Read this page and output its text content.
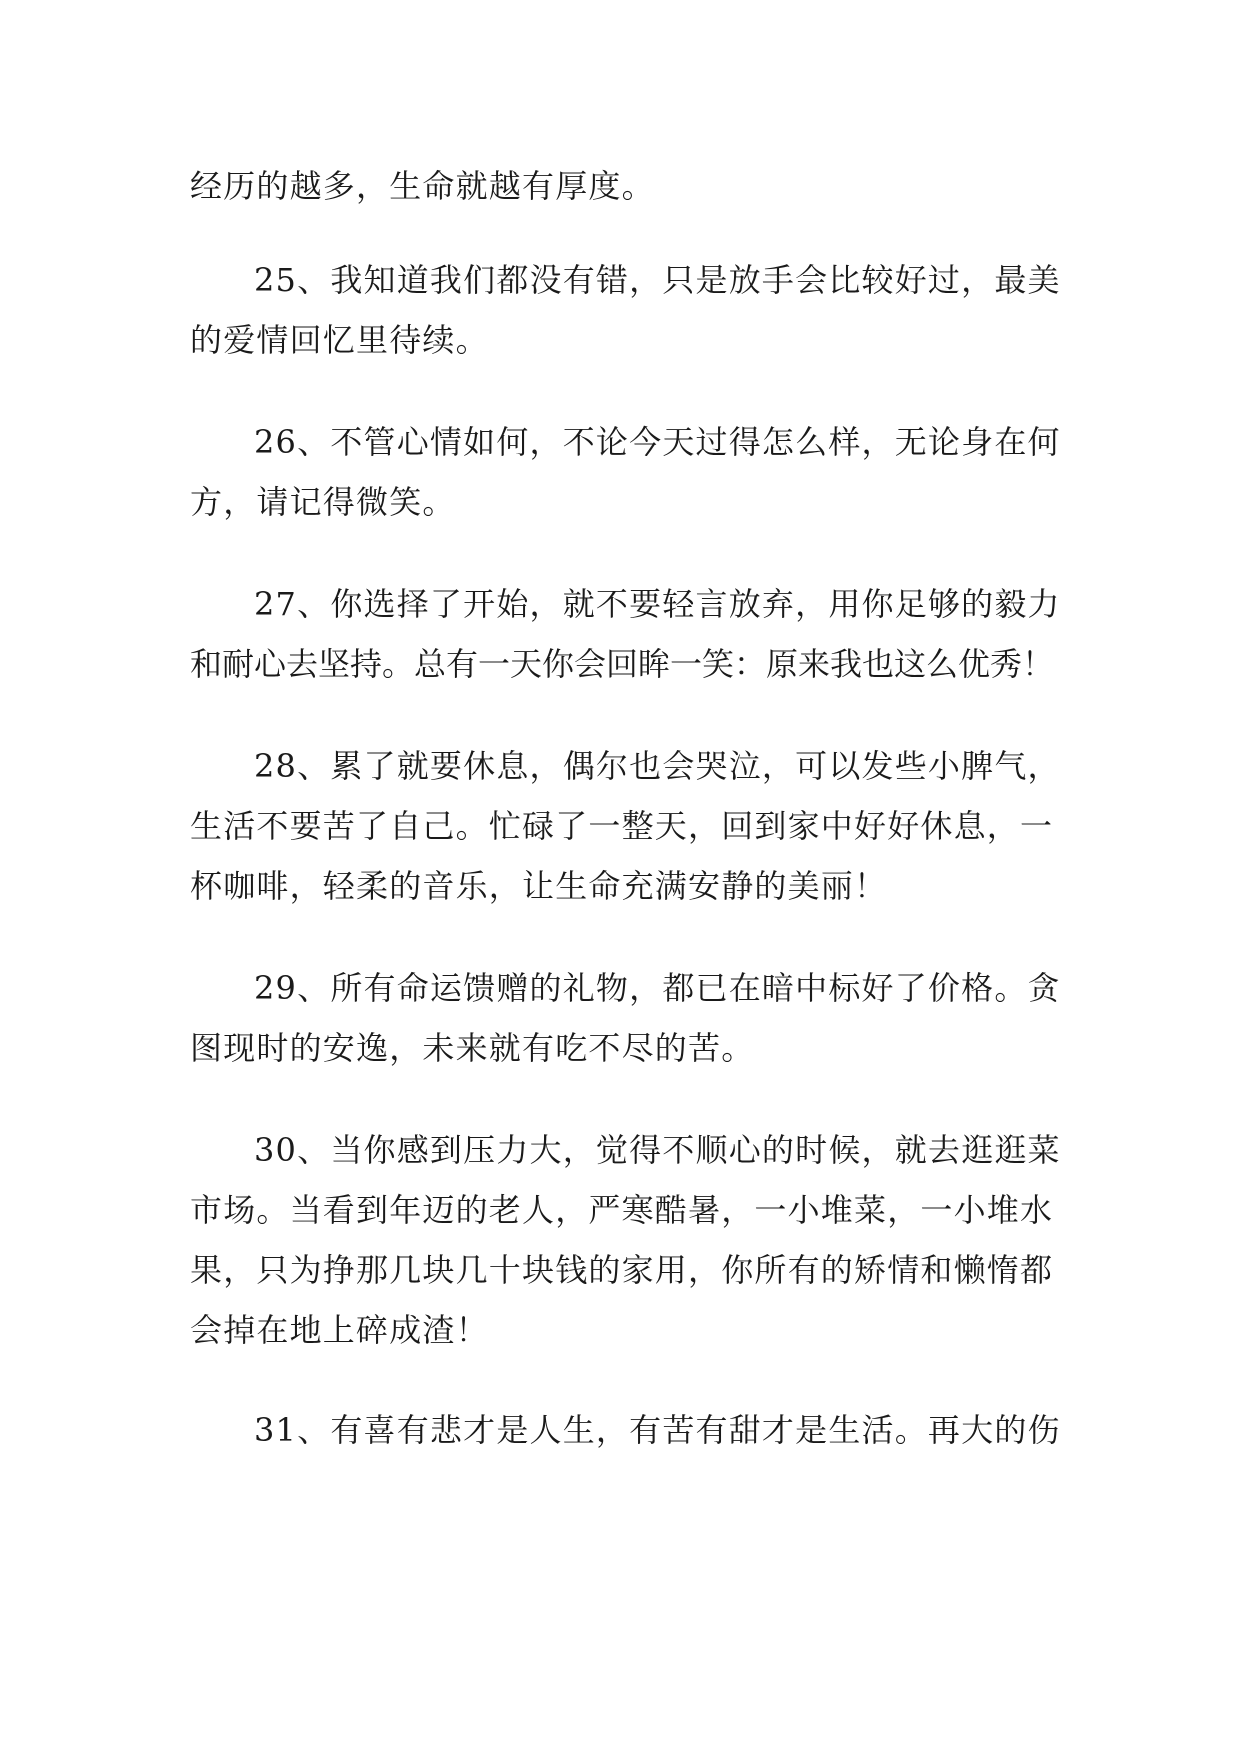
经历的越多，生命就越有厚度。

25、我知道我们都没有错，只是放手会比较好过，最美
的爱情回忆里待续。

26、不管心情如何，不论今天过得怎么样，无论身在何
方，请记得微笑。

27、你选择了开始，就不要轻言放弃，用你足够的毅力
和耐心去坚持。总有一天你会回眸一笑：原来我也这么优秀！

28、累了就要休息，偶尔也会哭泣，可以发些小脾气，
生活不要苦了自己。忙碌了一整天，回到家中好好休息，一
杯咖啡，轻柔的音乐，让生命充满安静的美丽！

29、所有命运馈赠的礼物，都已在暗中标好了价格。贪
图现时的安逸，未来就有吃不尽的苦。

30、当你感到压力大，觉得不顺心的时候，就去逛逛菜
市场。当看到年迈的老人，严寒酷暑，一小堆菜，一小堆水
果，只为挣那几块几十块钱的家用，你所有的矫情和懒惰都
会掉在地上碎成渣！

31、有喜有悲才是人生，有苦有甜才是生活。再大的伤
